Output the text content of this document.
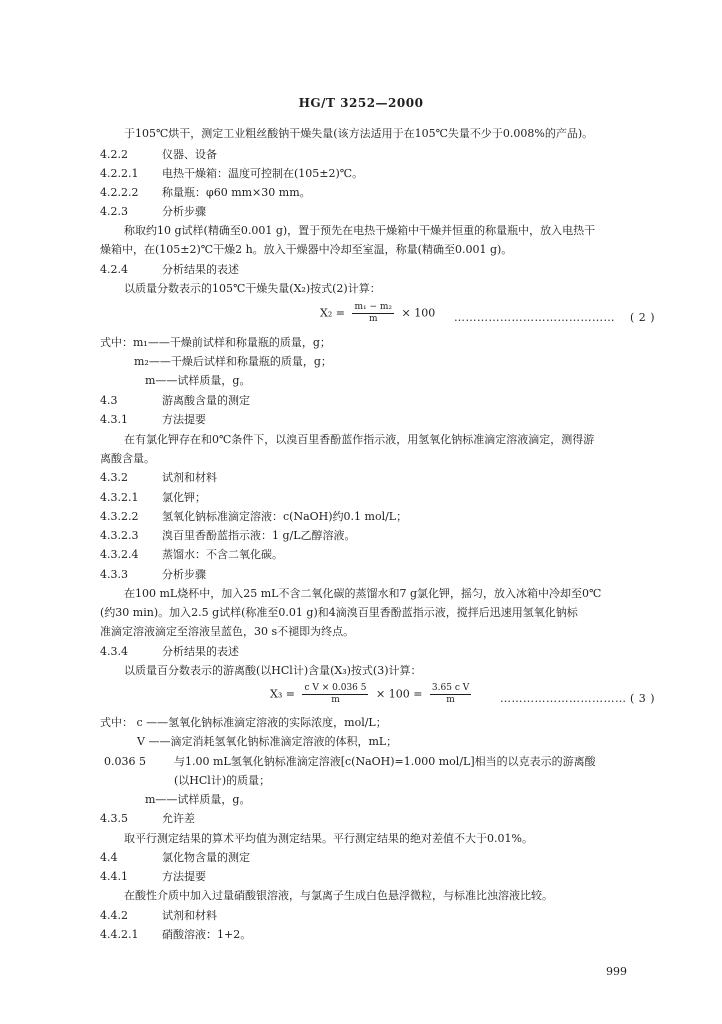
HG/T 3252—2000
于105℃烘干，测定工业粗丝酸钠干燥失量(该方法适用于在105℃失量不少于0.008%的产品)。
4.2.2	仪器、设备
4.2.2.1 电热干燥箱：温度可控制在(105±2)℃。
4.2.2.2 称量瓶：φ60 mm×30 mm。
4.2.3	分析步骤
称取约10 g试样(精确至0.001 g)，置于预先在电热干燥箱中干燥并恒重的称量瓶中，放入电热干
燥箱中，在(105±2)℃干燥2 h。放入干燥器中冷却至室温，称量(精确至0.001 g)。
4.2.4	分析结果的表述
以质量分数表示的105℃干燥失量(X₂)按式(2)计算：
$X_2 = \frac{\text{m₁ − m₂}}{m} \times 100$ …………………………………… ( 2 )
式中：m₁——干燥前试样和称量瓶的质量，g；
m₂——干燥后试样和称量瓶的质量，g；
m——试样质量，g。
4.3	游离酸含量的测定
4.3.1	方法提要
在有氯化钾存在和0℃条件下，以溴百里香酚蓝作指示液，用氢氧化钠标准滴定溶液滴定，测得游
离酸含量。
4.3.2	试剂和材料
4.3.2.1 氯化钾；
4.3.2.2 氢氧化钠标准滴定溶液：c(NaOH)约0.1 mol/L；
4.3.2.3 溴百里香酚蓝指示液：1 g/L乙醇溶液。
4.3.2.4 蒸馏水：不含二氧化碳。
4.3.3	分析步骤
在100 mL烧杯中，加入25 mL不含二氧化碳的蒸馏水和7 g氯化钾，摇匀，放入冰箱中冷却至0℃
(约30 min)。加入2.5 g试样(称准至0.01 g)和4滴溴百里香酚蓝指示液，搅拌后迅速用氢氧化钠标
准滴定溶液滴定至溶液呈蓝色，30 s不褪即为终点。
4.3.4	分析结果的表述
以质量百分数表示的游离酸(以HCl计)含量(X₃)按式(3)计算：
$X_3 = \frac{\text{c V × 0.036 5}}{m} \times 100 = \frac{\text{3.65 c V}}{m}$	…………………………… ( 3 )
式中： c ——氢氧化钠标准滴定溶液的实际浓度，mol/L；
V ——滴定消耗氢氧化钠标准滴定溶液的体积，mL；
0.036 5	与1.00 mL氢氧化钠标准滴定溶液[c(NaOH)=1.000 mol/L]相当的以克表示的游离酸
(以HCl计)的质量；
m——试样质量，g。
4.3.5	允许差
取平行测定结果的算术平均值为测定结果。平行测定结果的绝对差值不大于0.01%。
4.4	氯化物含量的测定
4.4.1	方法提要
在酸性介质中加入过量硝酸银溶液，与氯离子生成白色悬浮微粒，与标准比浊溶液比较。
4.4.2	试剂和材料
4.4.2.1 硝酸溶液：1+2。
999
